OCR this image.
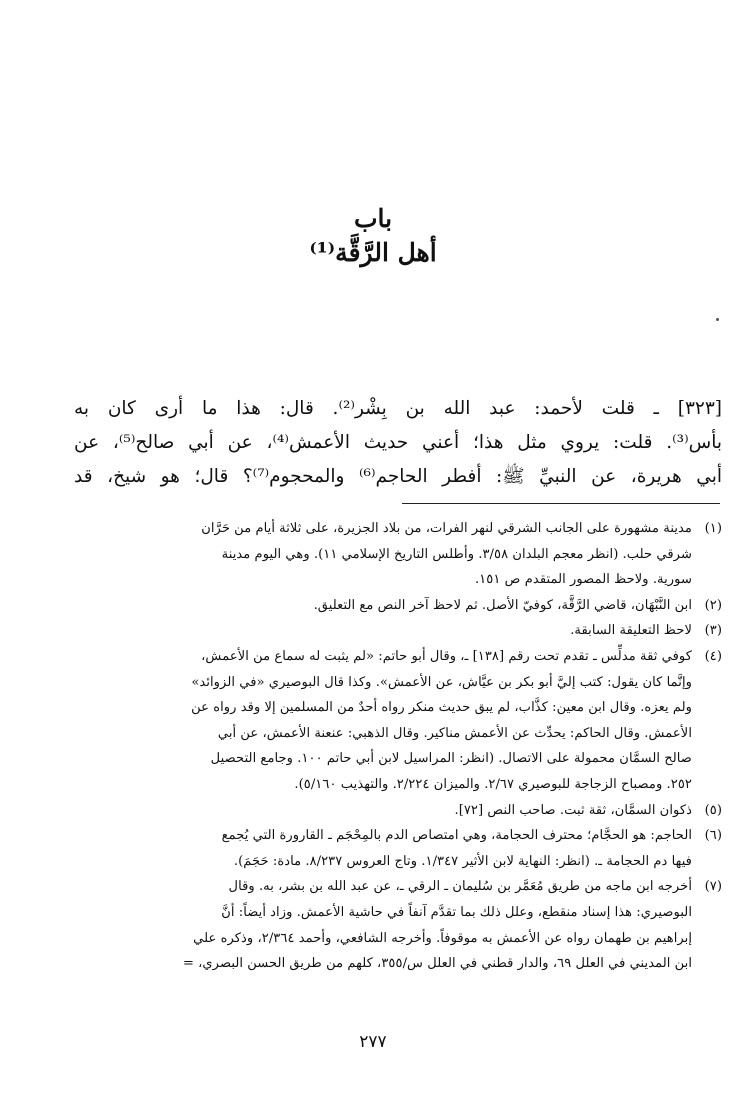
باب
أهل الرَّقَّة⁽¹⁾
[٣٢٣] ـ قلت لأحمد: عبد الله بن بِشْر⁽²⁾. قال: هذا ما أرى كان به
بأس⁽³⁾. قلت: يروي مثل هذا؛ أعني حديث الأعمش⁽⁴⁾، عن أبي صالح⁽⁵⁾، عن
أبي هريرة، عن النبيِّ ﷺ: أفطر الحاجم⁽⁶⁾ والمحجوم⁽⁷⁾؟ قال؛ هو شيخ، قد
(١)
مدينة مشهورة على الجانب الشرقي لنهر الفرات، من بلاد الجزيرة، على ثلاثة أيام من حَرَّان
شرقي حلب. (انظر معجم البلدان ٣/٥٨. وأطلس التاريخ الإسلامي ١١). وهي اليوم مدينة
سورية. ولاحظ المصور المتقدم ص ١٥١.
(٢)
ابن النَّبْهَان، قاضي الرَّقَّة، كوفيّ الأصل. ثم لاحظ آخر النص مع التعليق.
(٣)
لاحظ التعليقة السابقة.
(٤)
كوفي ثقة مدلِّس ـ تقدم تحت رقم [١٣٨] ـ، وقال أبو حاتم: «لم يثبت له سماع من الأعمش،
وإنَّما كان يقول: كتب إليَّ أبو بكر بن عيَّاش، عن الأعمش». وكذا قال البوصيري «في الزوائد»
ولم يعزه. وقال ابن معين: كذَّاب، لم يبق حديث منكر رواه أحدٌ من المسلمين إلا وقد رواه عن
الأعمش. وقال الحاكم: يحدِّث عن الأعمش مناكير. وقال الذهبي: عنعنة الأعمش، عن أبي
صالح السمَّان محمولة على الاتصال. (انظر: المراسيل لابن أبي حاتم ١٠٠. وجامع التحصيل
٢٥٢. ومصباح الزجاجة للبوصيري ٢/٦٧. والميزان ٢/٢٢٤. والتهذيب ٥/١٦٠).
(٥)
ذكوان السمَّان، ثقة ثبت. صاحب النص [٧٢].
(٦)
الحاجم: هو الحجَّام؛ محترف الحجامة، وهي امتصاص الدم بالمِحْجَم ـ القارورة التي يُجمع
فيها دم الحجامة ـ. (انظر: النهاية لابن الأثير ١/٣٤٧. وتاج العروس ٨/٢٣٧. مادة: حَجَمَ).
(٧)
أخرجه ابن ماجه من طريق مُعَمَّر بن سُليمان ـ الرقي ـ، عن عبد الله بن بشر، به. وقال
البوصيري: هذا إسناد منقطع، وعلل ذلك بما تقدَّم آنفاً في حاشية الأعمش. وزاد أيضاً: أنَّ
إبراهيم بن طهمان رواه عن الأعمش به موقوفاً. وأخرجه الشافعي، وأحمد ٢/٣٦٤، وذكره علي
ابن المديني في العلل ٦٩، والدار قطني في العلل س/٣٥٥، كلهم من طريق الحسن البصري، =
٢٧٧
